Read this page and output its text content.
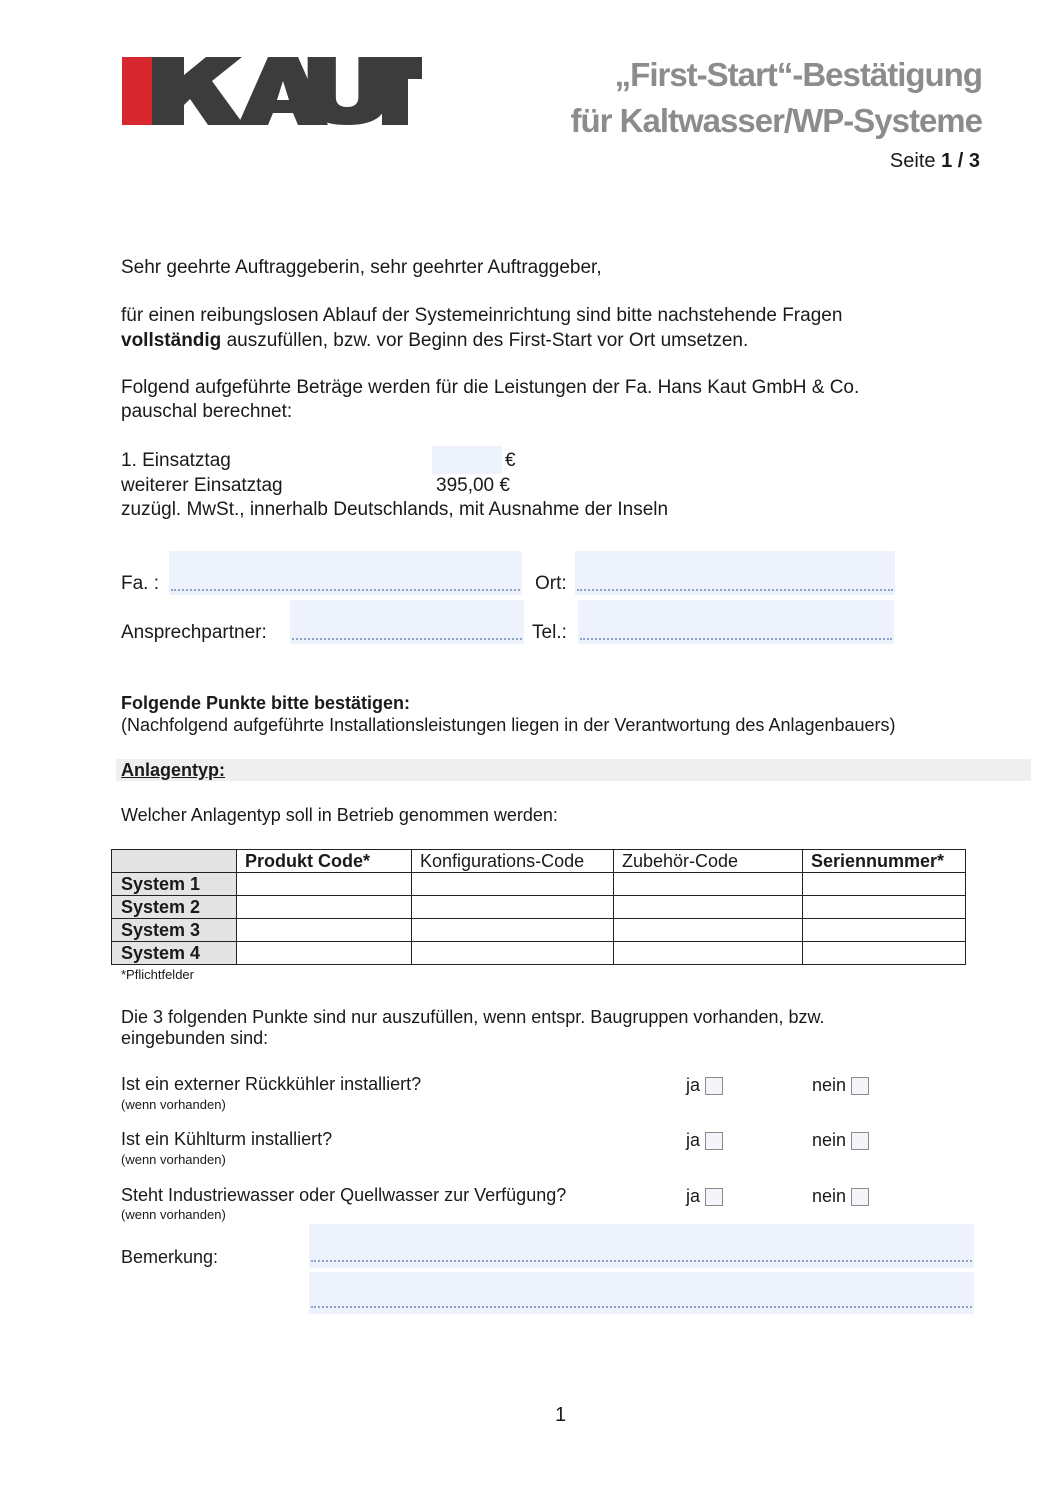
„First-Start“-Bestätigung
für Kaltwasser/WP-Systeme
Seite 1 / 3
Sehr geehrte Auftraggeberin, sehr geehrter Auftraggeber,
für einen reibungslosen Ablauf der Systemeinrichtung sind bitte nachstehende Fragen
vollständig auszufüllen, bzw. vor Beginn des First-Start vor Ort umsetzen.
Folgend aufgeführte Beträge werden für die Leistungen der Fa. Hans Kaut GmbH & Co.
pauschal berechnet:
1. Einsatztag	€
weiterer Einsatztag	395,00 €
zuzügl. MwSt., innerhalb Deutschlands, mit Ausnahme der Inseln
Fa. :	Ort:
Ansprechpartner:	Tel.:
Folgende Punkte bitte bestätigen:
(Nachfolgend aufgeführte Installationsleistungen liegen in der Verantwortung des Anlagenbauers)
Anlagentyp:
Welcher Anlagentyp soll in Betrieb genommen werden:
	Produkt Code*	Konfigurations-Code	Zubehör-Code	Seriennummer*
System 1				
System 2				
System 3				
System 4				
*Pflichtfelder
Die 3 folgenden Punkte sind nur auszufüllen, wenn entspr. Baugruppen vorhanden, bzw.
eingebunden sind:
Ist ein externer Rückkühler installiert?
(wenn vorhanden)
ja	nein
Ist ein Kühlturm installiert?
(wenn vorhanden)
ja	nein
Steht Industriewasser oder Quellwasser zur Verfügung?
(wenn vorhanden)
ja	nein
Bemerkung:
1
